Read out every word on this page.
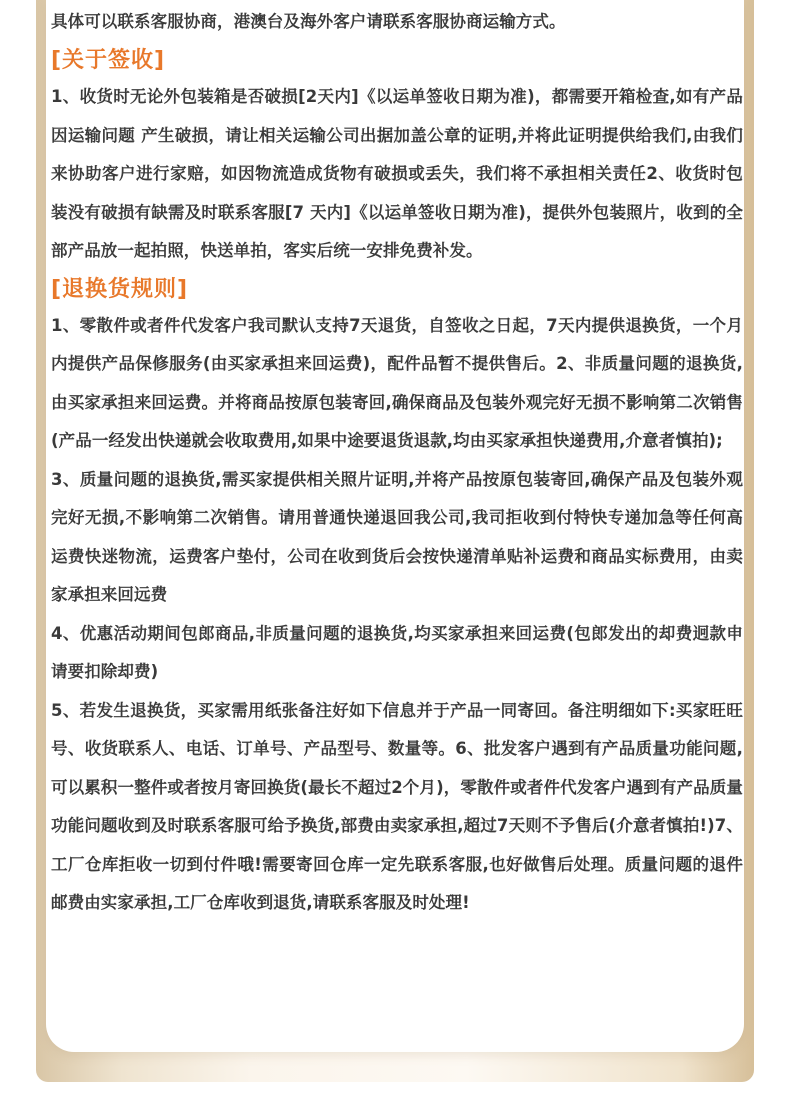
具体可以联系客服协商，港澳台及海外客户请联系客服协商运输方式。

[关于签收]

1、收货时无论外包装箱是否破损[2天内]《以运单签收日期为准)，都需要开箱检查,如有产品因运输问题 产生破损，请让相关运输公司出据加盖公章的证明,并将此证明提供给我们,由我们来协助客户进行家赔，如因物流造成货物有破损或丢失，我们将不承担相关责任2、收货时包装没有破损有缺需及时联系客服[7 天内]《以运单签收日期为准)，提供外包装照片，收到的全部产品放一起拍照，快送单拍，客实后统一安排免费补发。

[退换货规则]

1、零散件或者件代发客户我司默认支持7天退货，自签收之日起，7天内提供退换货，一个月内提供产品保修服务(由买家承担来回运费)，配件品暂不提供售后。2、非质量问题的退换货,由买家承担来回运费。并将商品按原包装寄回,确保商品及包装外观完好无损不影响第二次销售(产品一经发出快递就会收取费用,如果中途要退货退款,均由买家承担快递费用,介意者慎拍);

3、质量问题的退换货,需买家提供相关照片证明,并将产品按原包装寄回,确保产品及包装外观完好无损,不影响第二次销售。请用普通快递退回我公司,我司拒收到付特快专递加急等任何高运费快迷物流，运费客户垫付，公司在收到货后会按快递清单贴补运费和商品实标费用，由卖家承担来回远费

4、优惠活动期间包郎商品,非质量问题的退换货,均买家承担来回运费(包郎发出的却费迥款申请要扣除却费)

5、若发生退换货，买家需用纸张备注好如下信息并于产品一同寄回。备注明细如下:买家旺旺号、收货联系人、电话、订单号、产品型号、数量等。6、批发客户遇到有产品质量功能问题,可以累积一整件或者按月寄回换货(最长不超过2个月)，零散件或者件代发客户遇到有产品质量功能问题收到及时联系客服可给予换货,部费由卖家承担,超过7天则不予售后(介意者慎拍!)7、工厂仓库拒收一切到付件哦!需要寄回仓库一定先联系客服,也好做售后处理。质量问题的退件邮费由实家承担,工厂仓库收到退货,请联系客服及时处理!
